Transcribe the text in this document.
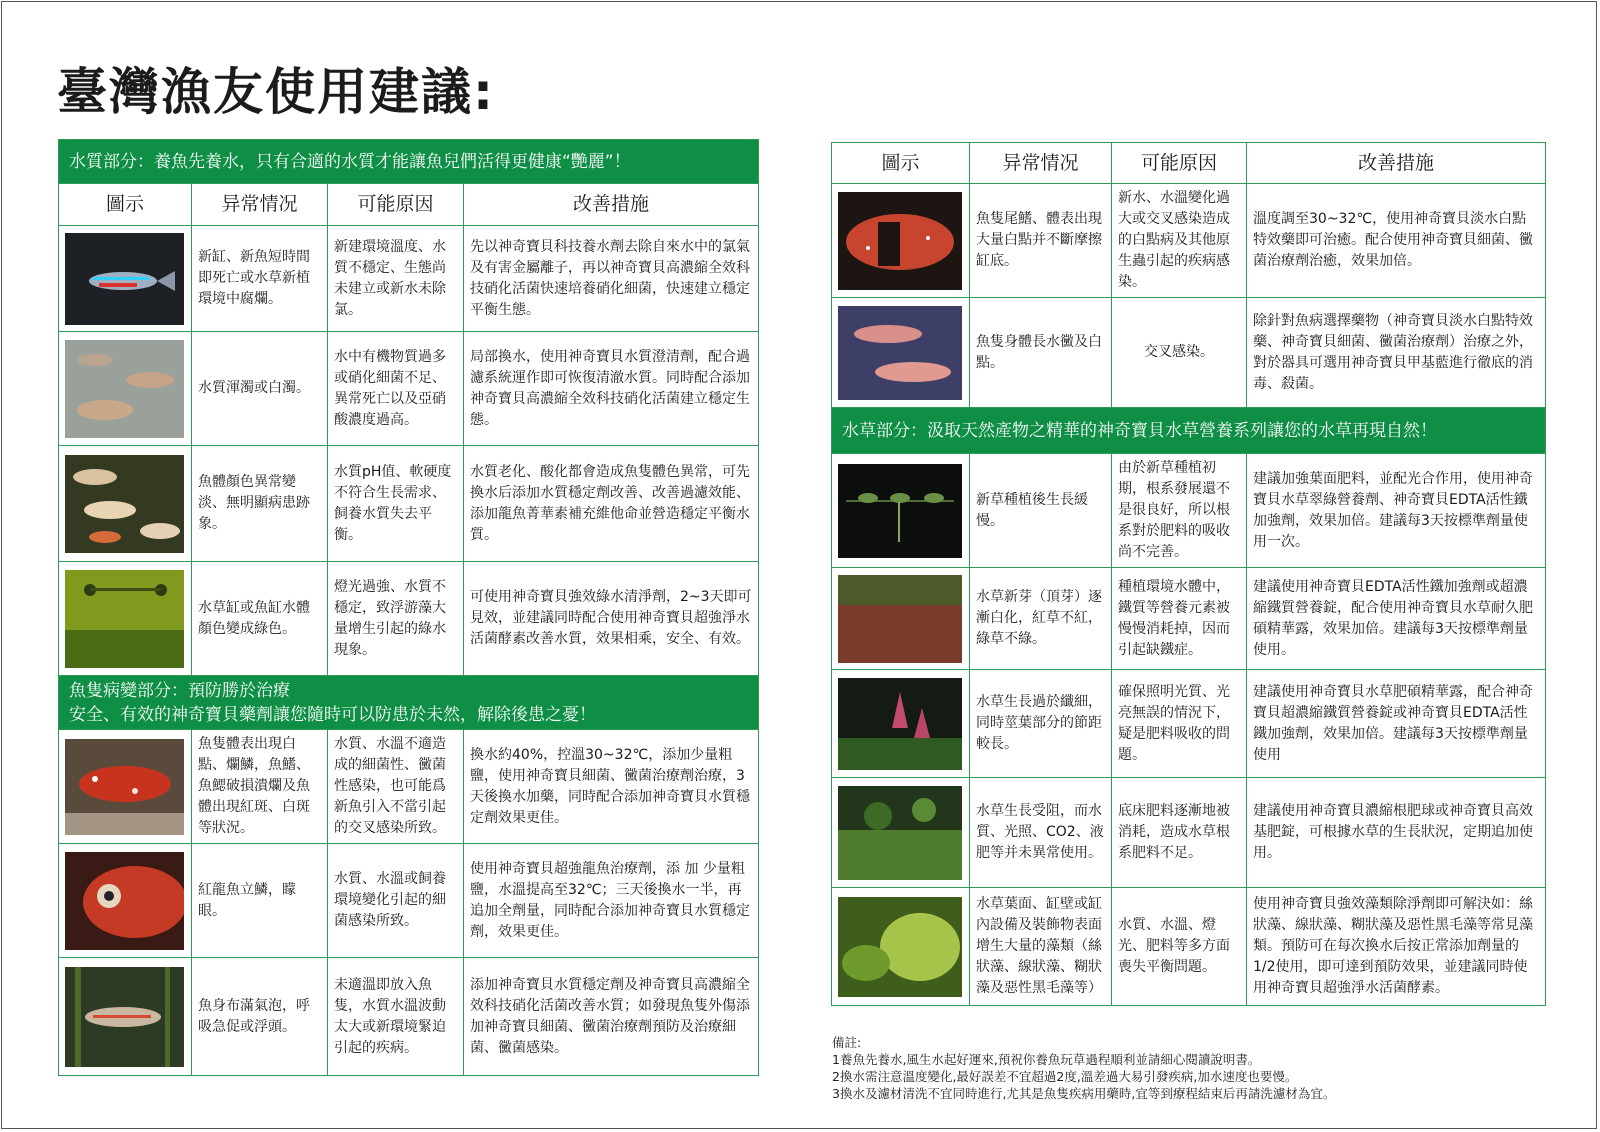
臺灣漁友使用建議:
水質部分：養魚先養水，只有合適的水質才能讓魚兒們活得更健康“艷麗”！			
圖示	异常情况	可能原因	改善措施

	新缸、新魚短時間即死亡或水草新植環境中腐爛。	新建環境溫度、水質不穩定、生態尚未建立或新水未除氯。	先以神奇寶貝科技養水劑去除自來水中的氯氣及有害金屬離子，再以神奇寶貝高濃縮全效科技硝化活菌快速培養硝化細菌，快速建立穩定平衡生態。

	水質渾濁或白濁。	水中有機物質過多或硝化細菌不足、異常死亡以及亞硝酸濃度過高。	局部換水，使用神奇寶貝水質澄清劑，配合過濾系統運作即可恢復清澈水質。同時配合添加神奇寶貝高濃縮全效科技硝化活菌建立穩定生態。

	魚體顏色異常變淡、無明顯病患跡象。	水質pH值、軟硬度不符合生長需求、飼養水質失去平衡。	水質老化、酸化都會造成魚隻體色異常，可先換水后添加水質穩定劑改善、改善過濾效能、添加龍魚菁華素補充維他命並營造穩定平衡水質。

	水草缸或魚缸水體顏色變成綠色。	燈光過強、水質不穩定，致浮游藻大量增生引起的綠水現象。	可使用神奇寶貝強效綠水清淨劑，2~3天即可見效，並建議同時配合使用神奇寶貝超強淨水活菌酵素改善水質，效果相乘，安全、有效。

魚隻病變部分：預防勝於治療
安全、有效的神奇寶貝藥劑讓您隨時可以防患於未然，解除後患之憂！			

	魚隻體表出現白點、爛鱗，魚鰭、魚鰓破損潰爛及魚體出現紅斑、白斑等狀況。	水質、水溫不適造成的細菌性、黴菌性感染，也可能爲新魚引入不當引起的交叉感染所致。	換水約40%，控溫30~32℃，添加少量粗鹽，使用神奇寶貝細菌、黴菌治療劑治療，3天後換水加藥，同時配合添加神奇寶貝水質穩定劑效果更佳。

	紅龍魚立鱗，矇眼。	水質、水溫或飼養環境變化引起的細菌感染所致。	使用神奇寶貝超強龍魚治療劑，添 加 少量粗鹽，水溫提高至32℃；三天後換水一半，再追加全劑量，同時配合添加神奇寶貝水質穩定劑，效果更佳。

	魚身布滿氣泡，呼吸急促或浮頭。	未適溫即放入魚隻，水質水溫波動太大或新環境緊迫引起的疾病。	添加神奇寶貝水質穩定劑及神奇寶貝高濃縮全效科技硝化活菌改善水質；如發現魚隻外傷添加神奇寶貝細菌、黴菌治療劑預防及治療細菌、黴菌感染。
圖示	异常情况	可能原因	改善措施

	魚隻尾鰭、體表出現大量白點并不斷摩擦缸底。	新水、水溫變化過大或交叉感染造成的白點病及其他原生蟲引起的疾病感染。	溫度調至30~32℃，使用神奇寶貝淡水白點特效藥即可治癒。配合使用神奇寶貝細菌、黴菌治療劑治癒，效果加倍。

	魚隻身體長水黴及白點。	交叉感染。	除針對魚病選擇藥物（神奇寶貝淡水白點特效藥、神奇寶貝細菌、黴菌治療劑）治療之外，對於器具可選用神奇寶貝甲基藍進行徹底的消毒、殺菌。
水草部分：汲取天然產物之精華的神奇寶貝水草營養系列讓您的水草再現自然！			

	新草種植後生長緩慢。	由於新草種植初期，根系發展還不是很良好，所以根系對於肥料的吸收尚不完善。	建議加強葉面肥料，並配光合作用，使用神奇寶貝水草翠綠營養劑、神奇寶貝EDTA活性鐵加強劑，效果加倍。建議每3天按標準劑量使用一次。

	水草新芽（頂芽）逐漸白化，紅草不紅，綠草不綠。	種植環境水體中，鐵質等營養元素被慢慢消耗掉，因而引起缺鐵症。	建議使用神奇寶貝EDTA活性鐵加強劑或超濃縮鐵質營養錠，配合使用神奇寶貝水草耐久肥碩精華露，效果加倍。建議每3天按標準劑量使用。

	水草生長過於纖細，同時莖葉部分的節距較長。	確保照明光質、光亮無誤的情況下，疑是肥料吸收的問題。	建議使用神奇寶貝水草肥碩精華露，配合神奇寶貝超濃縮鐵質營養錠或神奇寶貝EDTA活性鐵加強劑，效果加倍。建議每3天按標準劑量使用

	水草生長受阻，而水質、光照、CO2、液肥等并未異常使用。	底床肥料逐漸地被消耗，造成水草根系肥料不足。	建議使用神奇寶貝濃縮根肥球或神奇寶貝高效基肥錠，可根據水草的生長狀況，定期追加使用。

	水草葉面、缸壁或缸內設備及裝飾物表面增生大量的藻類（絲狀藻、線狀藻、糊狀藻及惡性黑毛藻等）	水質、水溫、燈光、肥料等多方面喪失平衡問題。	使用神奇寶貝強效藻類除淨劑即可解決如：絲狀藻、線狀藻、糊狀藻及惡性黑毛藻等常見藻類。預防可在每次換水后按正常添加劑量的1/2使用，即可達到預防效果，並建議同時使用神奇寶貝超強淨水活菌酵素。
備註:
1養魚先養水,風生水起好運來,預祝你養魚玩草過程順利並請細心閱讀說明書。
2換水需注意溫度變化,最好誤差不宜超過2度,溫差過大易引發疾病,加水速度也要慢。
3換水及濾材清洗不宜同時進行,尤其是魚隻疾病用藥時,宜等到療程結束后再請洗濾材為宜。
